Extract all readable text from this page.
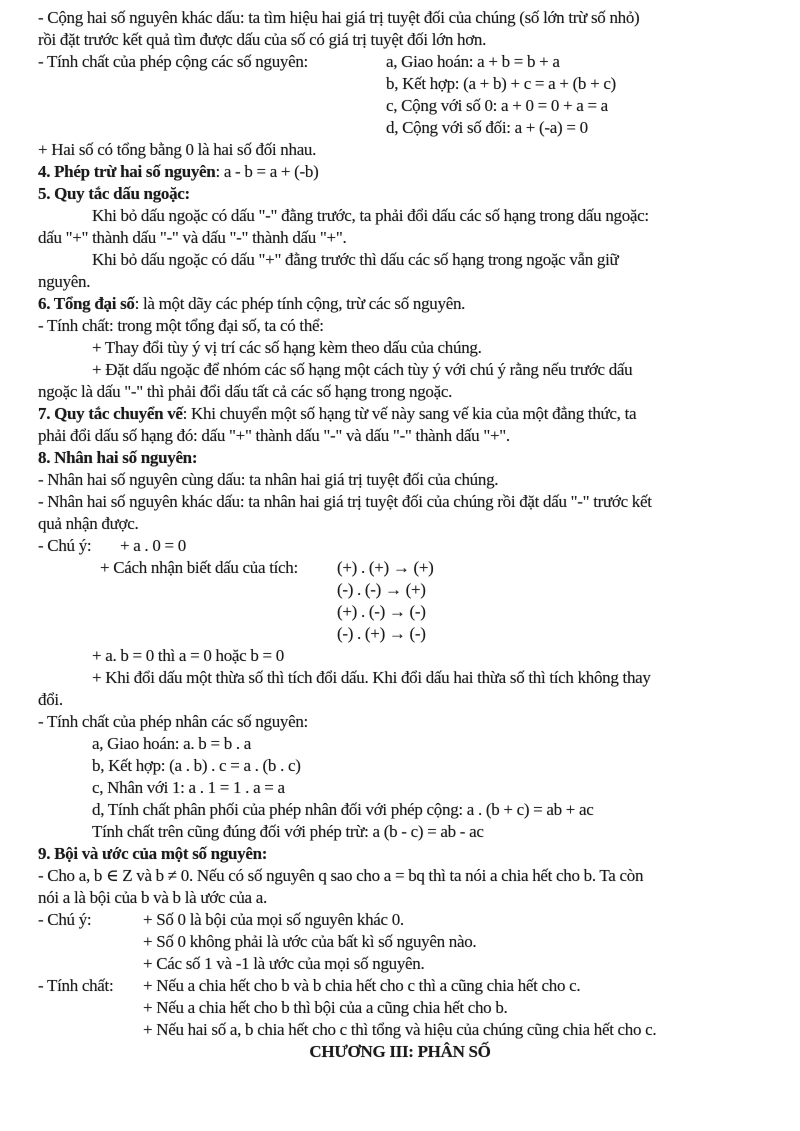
- Cộng hai số nguyên khác dấu: ta tìm hiệu hai giá trị tuyệt đối của chúng (số lớn trừ số nhỏ)
rồi đặt trước kết quả tìm được dấu của số có giá trị tuyệt đối lớn hơn.
- Tính chất của phép cộng các số nguyên:	a, Giao hoán: a + b = b + a
b, Kết hợp: (a + b) + c = a + (b + c)
c, Cộng với số 0: a + 0 = 0 + a = a
d, Cộng với số đối: a + (-a) = 0
+ Hai số có tổng bằng 0 là hai số đối nhau.
4. Phép trừ hai số nguyên: a - b = a + (-b)
5. Quy tắc dấu ngoặc:
Khi bỏ dấu ngoặc có dấu "-" đằng trước, ta phải đổi dấu các số hạng trong dấu ngoặc:
dấu "+" thành dấu "-" và dấu "-" thành dấu "+".
Khi bỏ dấu ngoặc có dấu "+" đằng trước thì dấu các số hạng trong ngoặc vẫn giữ
nguyên.
6. Tổng đại số: là một dãy các phép tính cộng, trừ các số nguyên.
- Tính chất: trong một tổng đại số, ta có thể:
+ Thay đổi tùy ý vị trí các số hạng kèm theo dấu của chúng.
+ Đặt dấu ngoặc để nhóm các số hạng một cách tùy ý với chú ý rằng nếu trước dấu
ngoặc là dấu "-" thì phải đổi dấu tất cả các số hạng trong ngoặc.
7. Quy tắc chuyển vế: Khi chuyển một số hạng từ vế này sang vế kia của một đẳng thức, ta
phải đổi dấu số hạng đó: dấu "+" thành dấu "-" và dấu "-" thành dấu "+".
8. Nhân hai số nguyên:
- Nhân hai số nguyên cùng dấu: ta nhân hai giá trị tuyệt đối của chúng.
- Nhân hai số nguyên khác dấu: ta nhân hai giá trị tuyệt đối của chúng rồi đặt dấu "-" trước kết
quả nhận được.
- Chú ý: + a . 0 = 0
+ Cách nhận biết dấu của tích: (+) . (+) → (+)
(-) . (-) → (+)
(+) . (-) → (-)
(-) . (+) → (-)
+ a. b = 0 thì a = 0 hoặc b = 0
+ Khi đổi dấu một thừa số thì tích đổi dấu. Khi đổi dấu hai thừa số thì tích không thay
đổi.
- Tính chất của phép nhân các số nguyên:
a, Giao hoán: a. b = b . a
b, Kết hợp: (a . b) . c = a . (b . c)
c, Nhân với 1: a . 1 = 1 . a = a
d, Tính chất phân phối của phép nhân đối với phép cộng: a . (b + c) = ab + ac
Tính chất trên cũng đúng đối với phép trừ: a (b - c) = ab - ac
9. Bội và ước của một số nguyên:
- Cho a, b ∈ Z và b ≠ 0. Nếu có số nguyên q sao cho a = bq thì ta nói a chia hết cho b. Ta còn
nói a là bội của b và b là ước của a.
- Chú ý:	+ Số 0 là bội của mọi số nguyên khác 0.
+ Số 0 không phải là ước của bất kì số nguyên nào.
+ Các số 1 và -1 là ước của mọi số nguyên.
- Tính chất: + Nếu a chia hết cho b và b chia hết cho c thì a cũng chia hết cho c.
+ Nếu a chia hết cho b thì bội của a cũng chia hết cho b.
+ Nếu hai số a, b chia hết cho c thì tổng và hiệu của chúng cũng chia hết cho c.
CHƯƠNG III: PHÂN SỐ
